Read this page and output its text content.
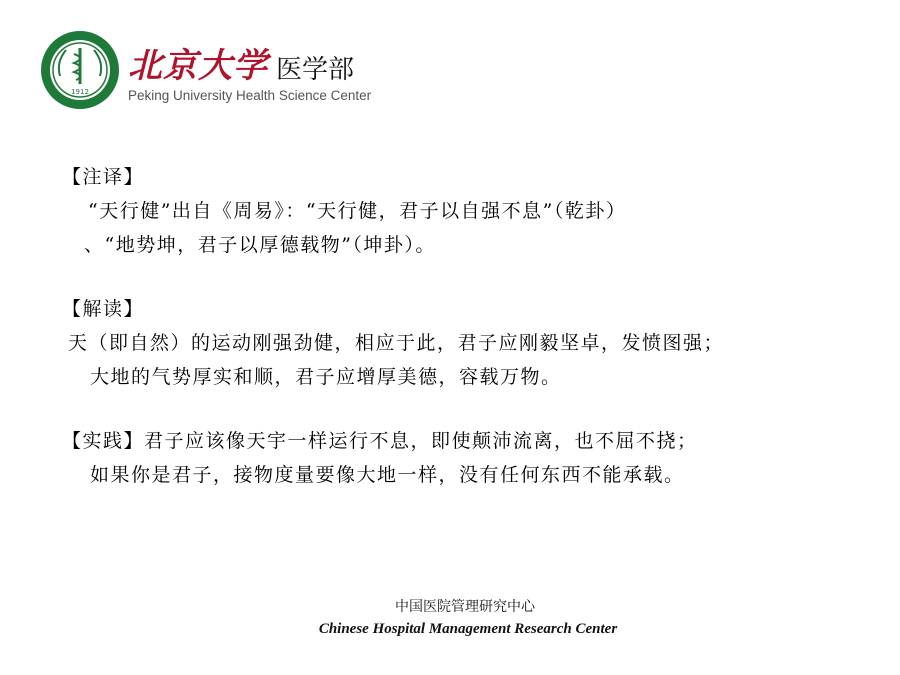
1912
北京大学 医学部
Peking University Health Science Center
【注译】
“天行健”出自《周易》：“天行健，君子以自强不息”（乾卦）
、“地势坤，君子以厚德载物”（坤卦）。
【解读】
天（即自然）的运动刚强劲健，相应于此，君子应刚毅坚卓，发愤图强；
大地的气势厚实和顺，君子应增厚美德，容载万物。
【实践】君子应该像天宇一样运行不息，即使颠沛流离，也不屈不挠；
如果你是君子，接物度量要像大地一样，没有任何东西不能承载。
中国医院管理研究中心
Chinese Hospital Management Research Center
